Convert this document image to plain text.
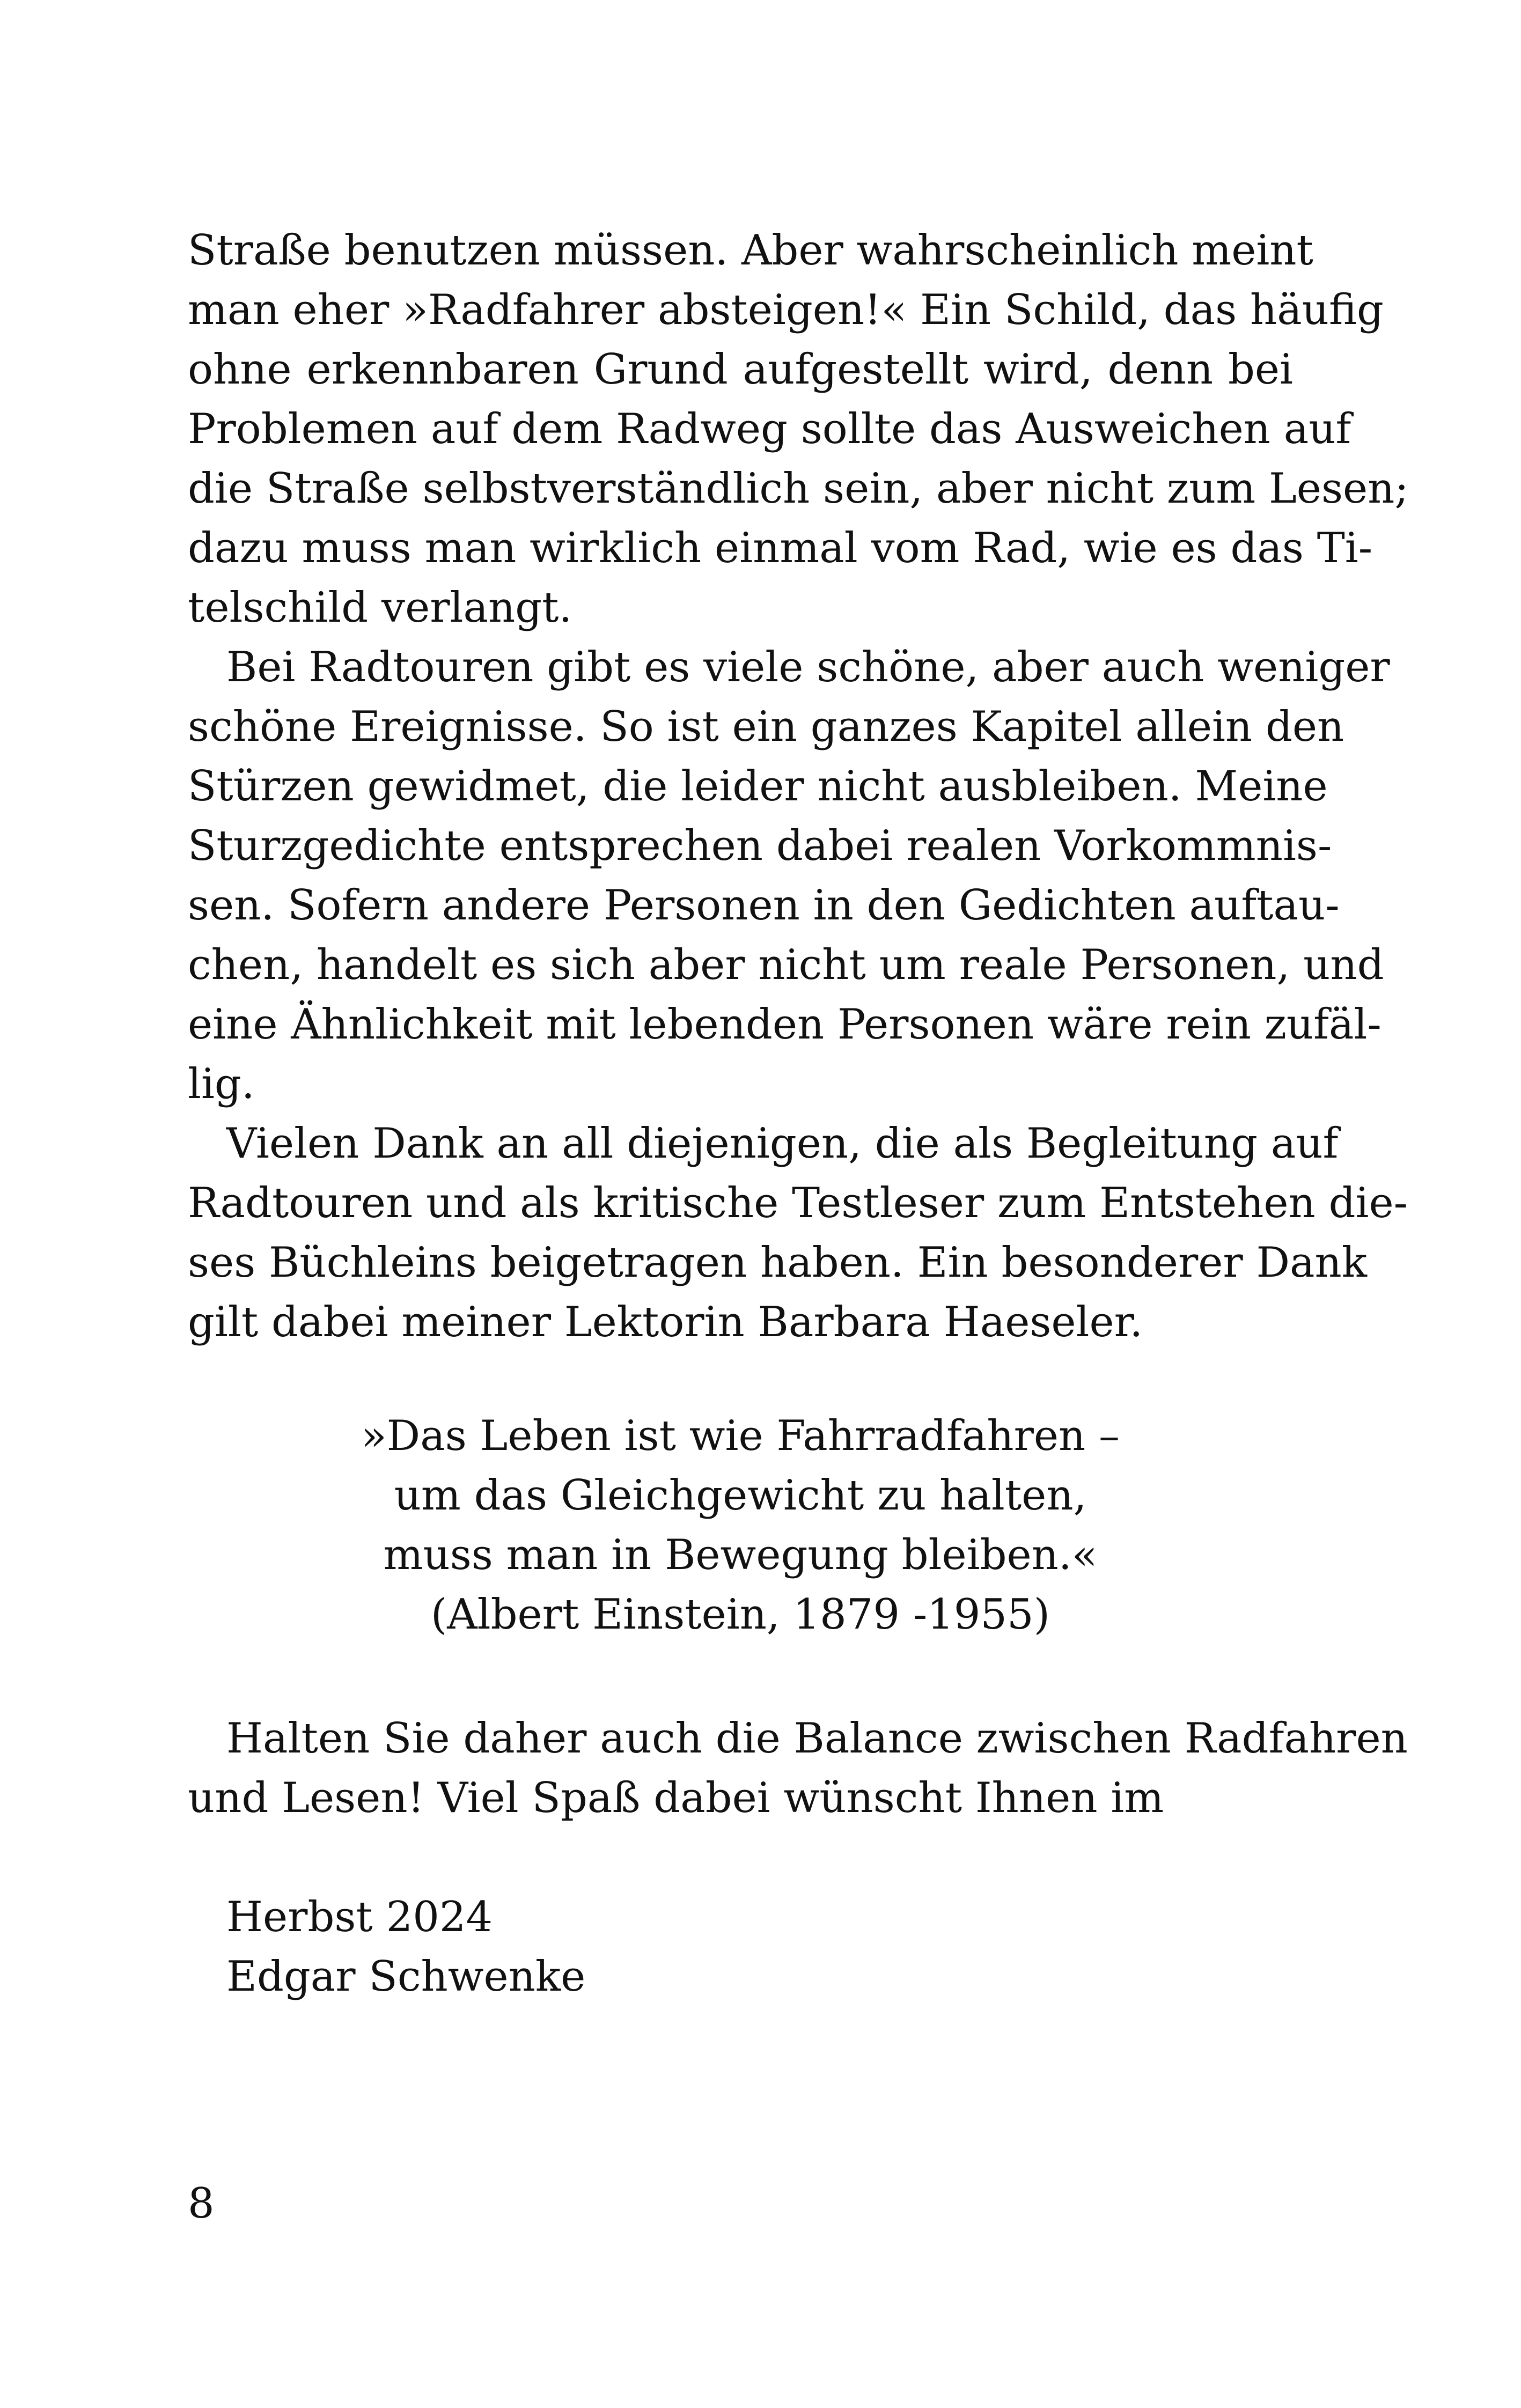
Straße benutzen müssen. Aber wahrscheinlich meint
man eher »Radfahrer absteigen!« Ein Schild, das häufig
ohne erkennbaren Grund aufgestellt wird, denn bei
Problemen auf dem Radweg sollte das Ausweichen auf
die Straße selbstverständlich sein, aber nicht zum Lesen;
dazu muss man wirklich einmal vom Rad, wie es das Ti-
telschild verlangt.
Bei Radtouren gibt es viele schöne, aber auch weniger
schöne Ereignisse. So ist ein ganzes Kapitel allein den
Stürzen gewidmet, die leider nicht ausbleiben. Meine
Sturzgedichte entsprechen dabei realen Vorkommnis-
sen. Sofern andere Personen in den Gedichten auftau-
chen, handelt es sich aber nicht um reale Personen, und
eine Ähnlichkeit mit lebenden Personen wäre rein zufäl-
lig.
Vielen Dank an all diejenigen, die als Begleitung auf
Radtouren und als kritische Testleser zum Entstehen die-
ses Büchleins beigetragen haben. Ein besonderer Dank
gilt dabei meiner Lektorin Barbara Haeseler.
»Das Leben ist wie Fahrradfahren –
um das Gleichgewicht zu halten,
muss man in Bewegung bleiben.«
(Albert Einstein, 1879 -1955)
Halten Sie daher auch die Balance zwischen Radfahren
und Lesen! Viel Spaß dabei wünscht Ihnen im
Herbst 2024
Edgar Schwenke
8
